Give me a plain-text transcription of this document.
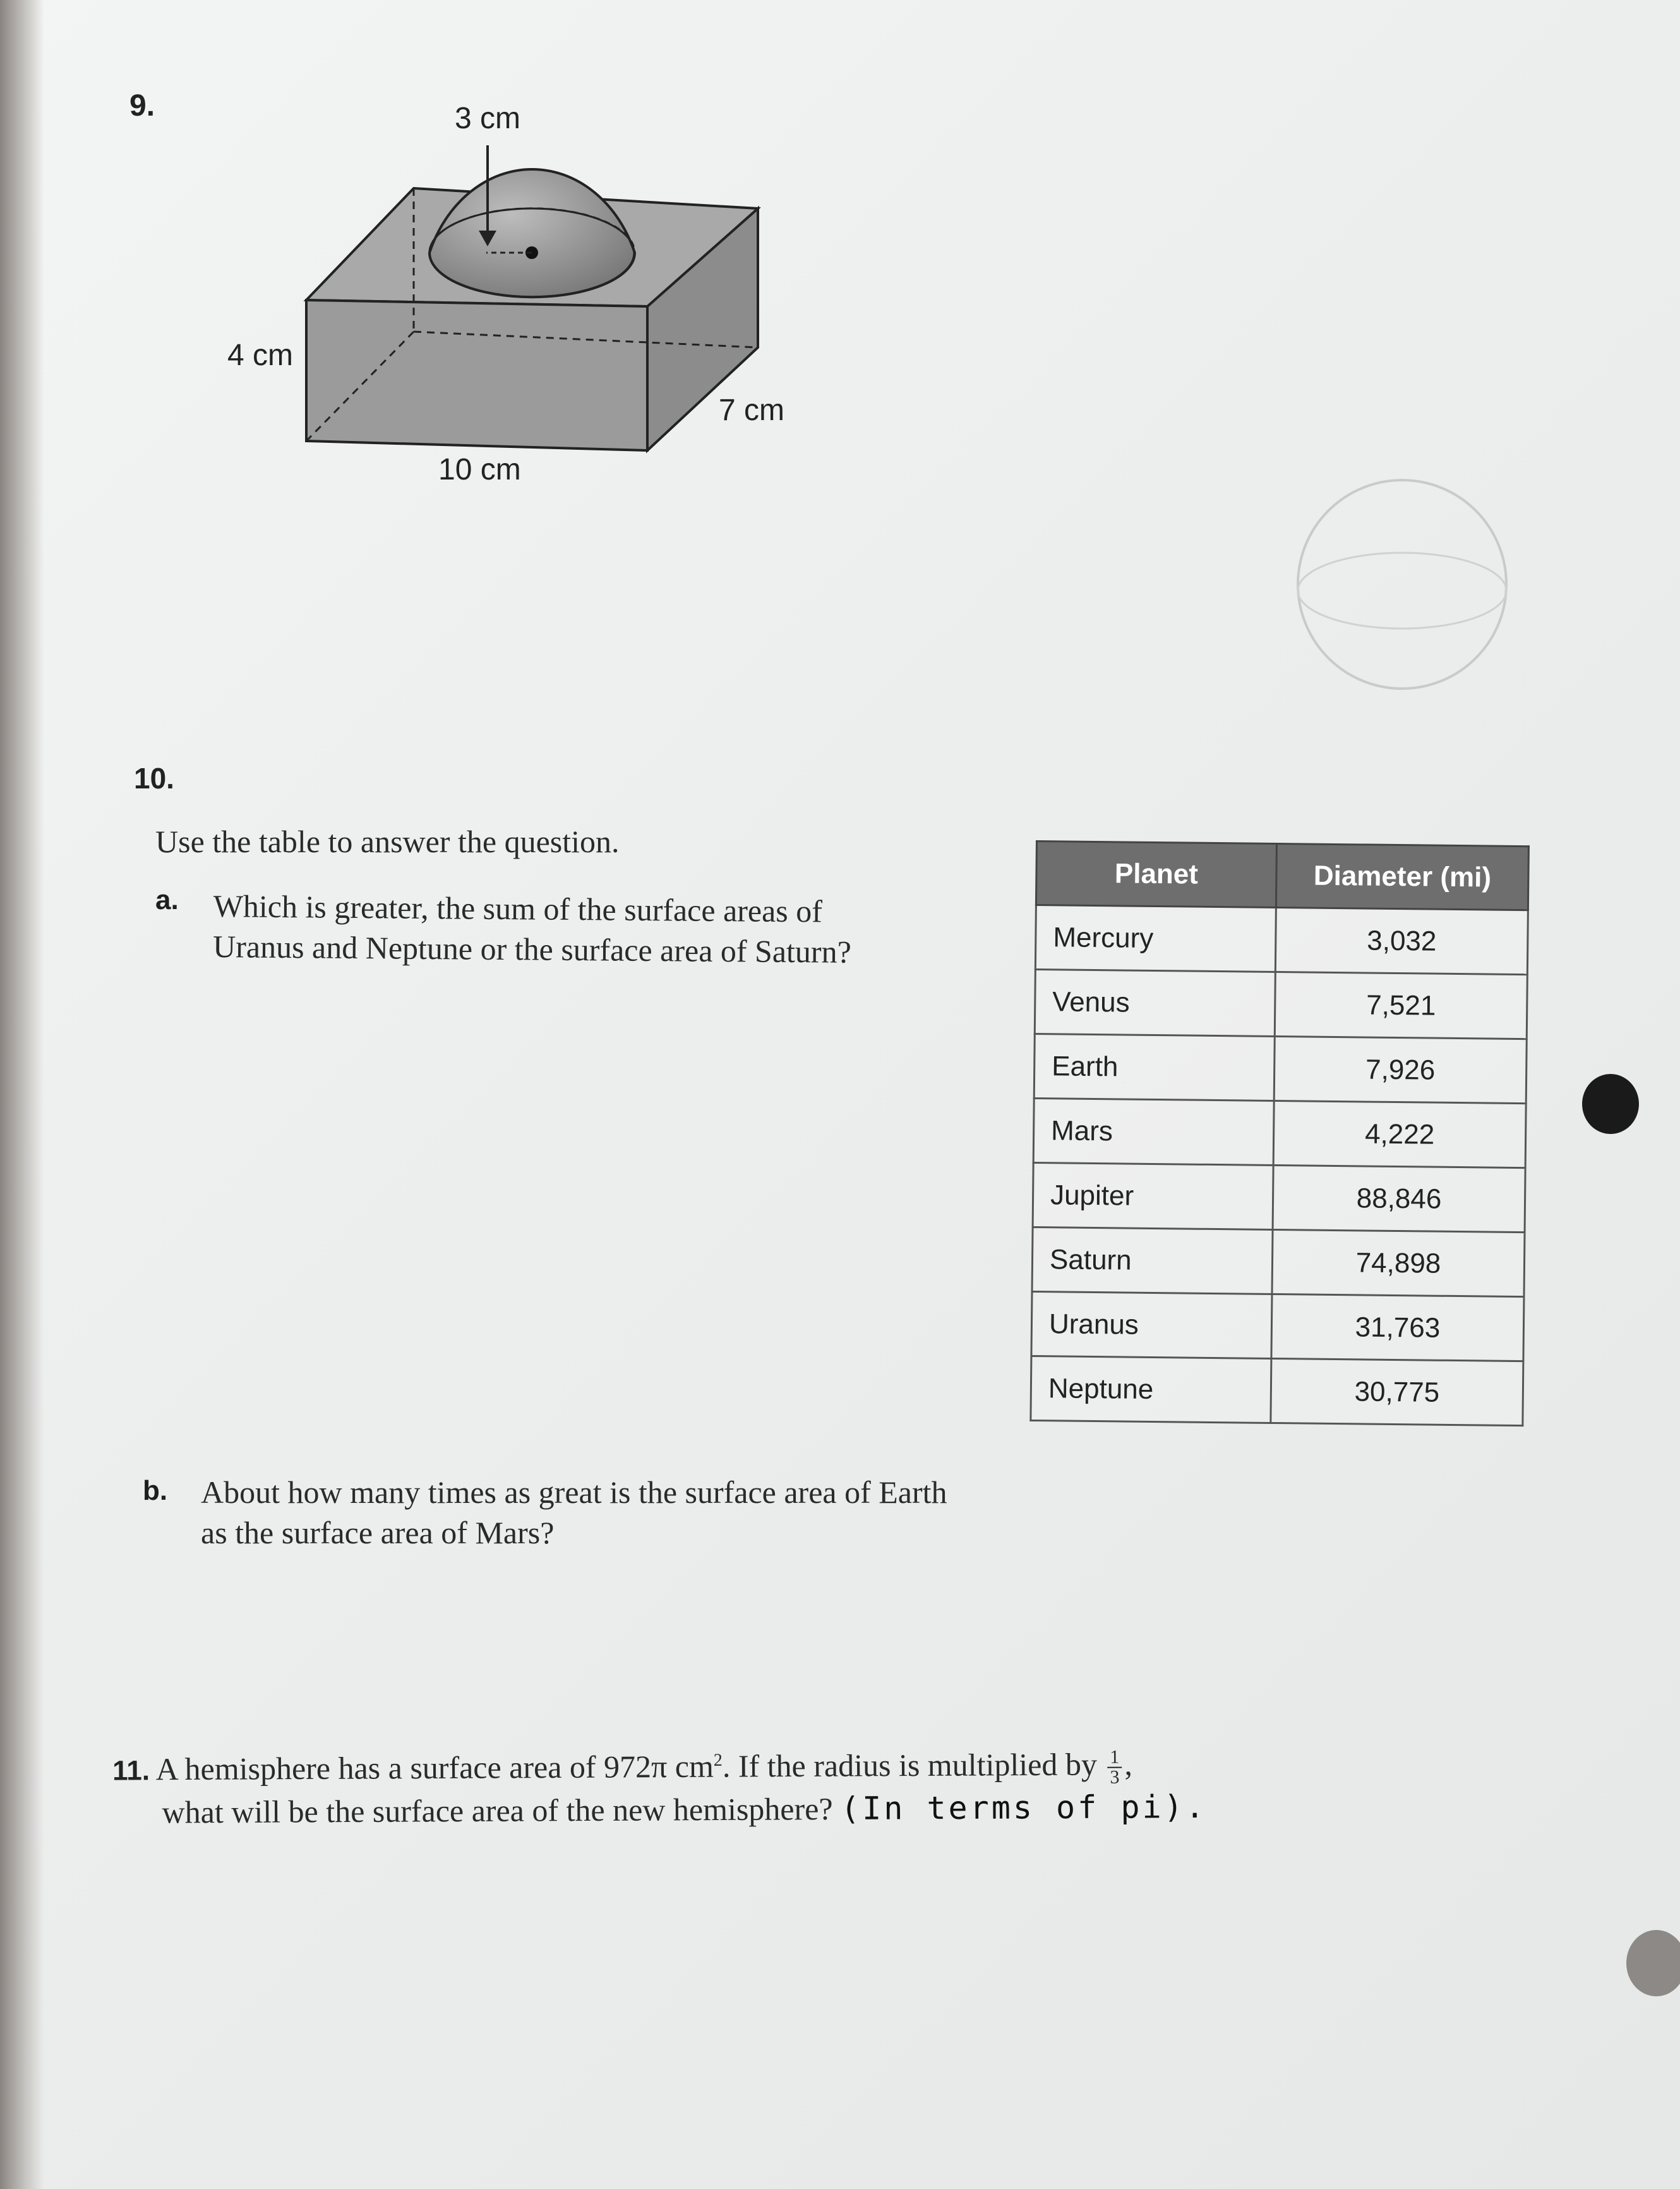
9.	3 cm
4 cm
7 cm
10 cm
10.
Use the table to answer the question.
a. Which is greater, the sum of the surface areas of
Uranus and Neptune or the surface area of Saturn?
Planet	Diameter (mi)
Mercury	3,032
Venus	7,521
Earth	7,926
Mars	4,222
Jupiter	88,846
Saturn	74,898
Uranus	31,763
Neptune	30,775
b. About how many times as great is the surface area of Earth
as the surface area of Mars?
11. A hemisphere has a surface area of 972π $cm^2$. If the radius is multiplied by $\frac{1}{3}$ ,
what will be the surface area of the new hemisphere? (In terms of pi).
